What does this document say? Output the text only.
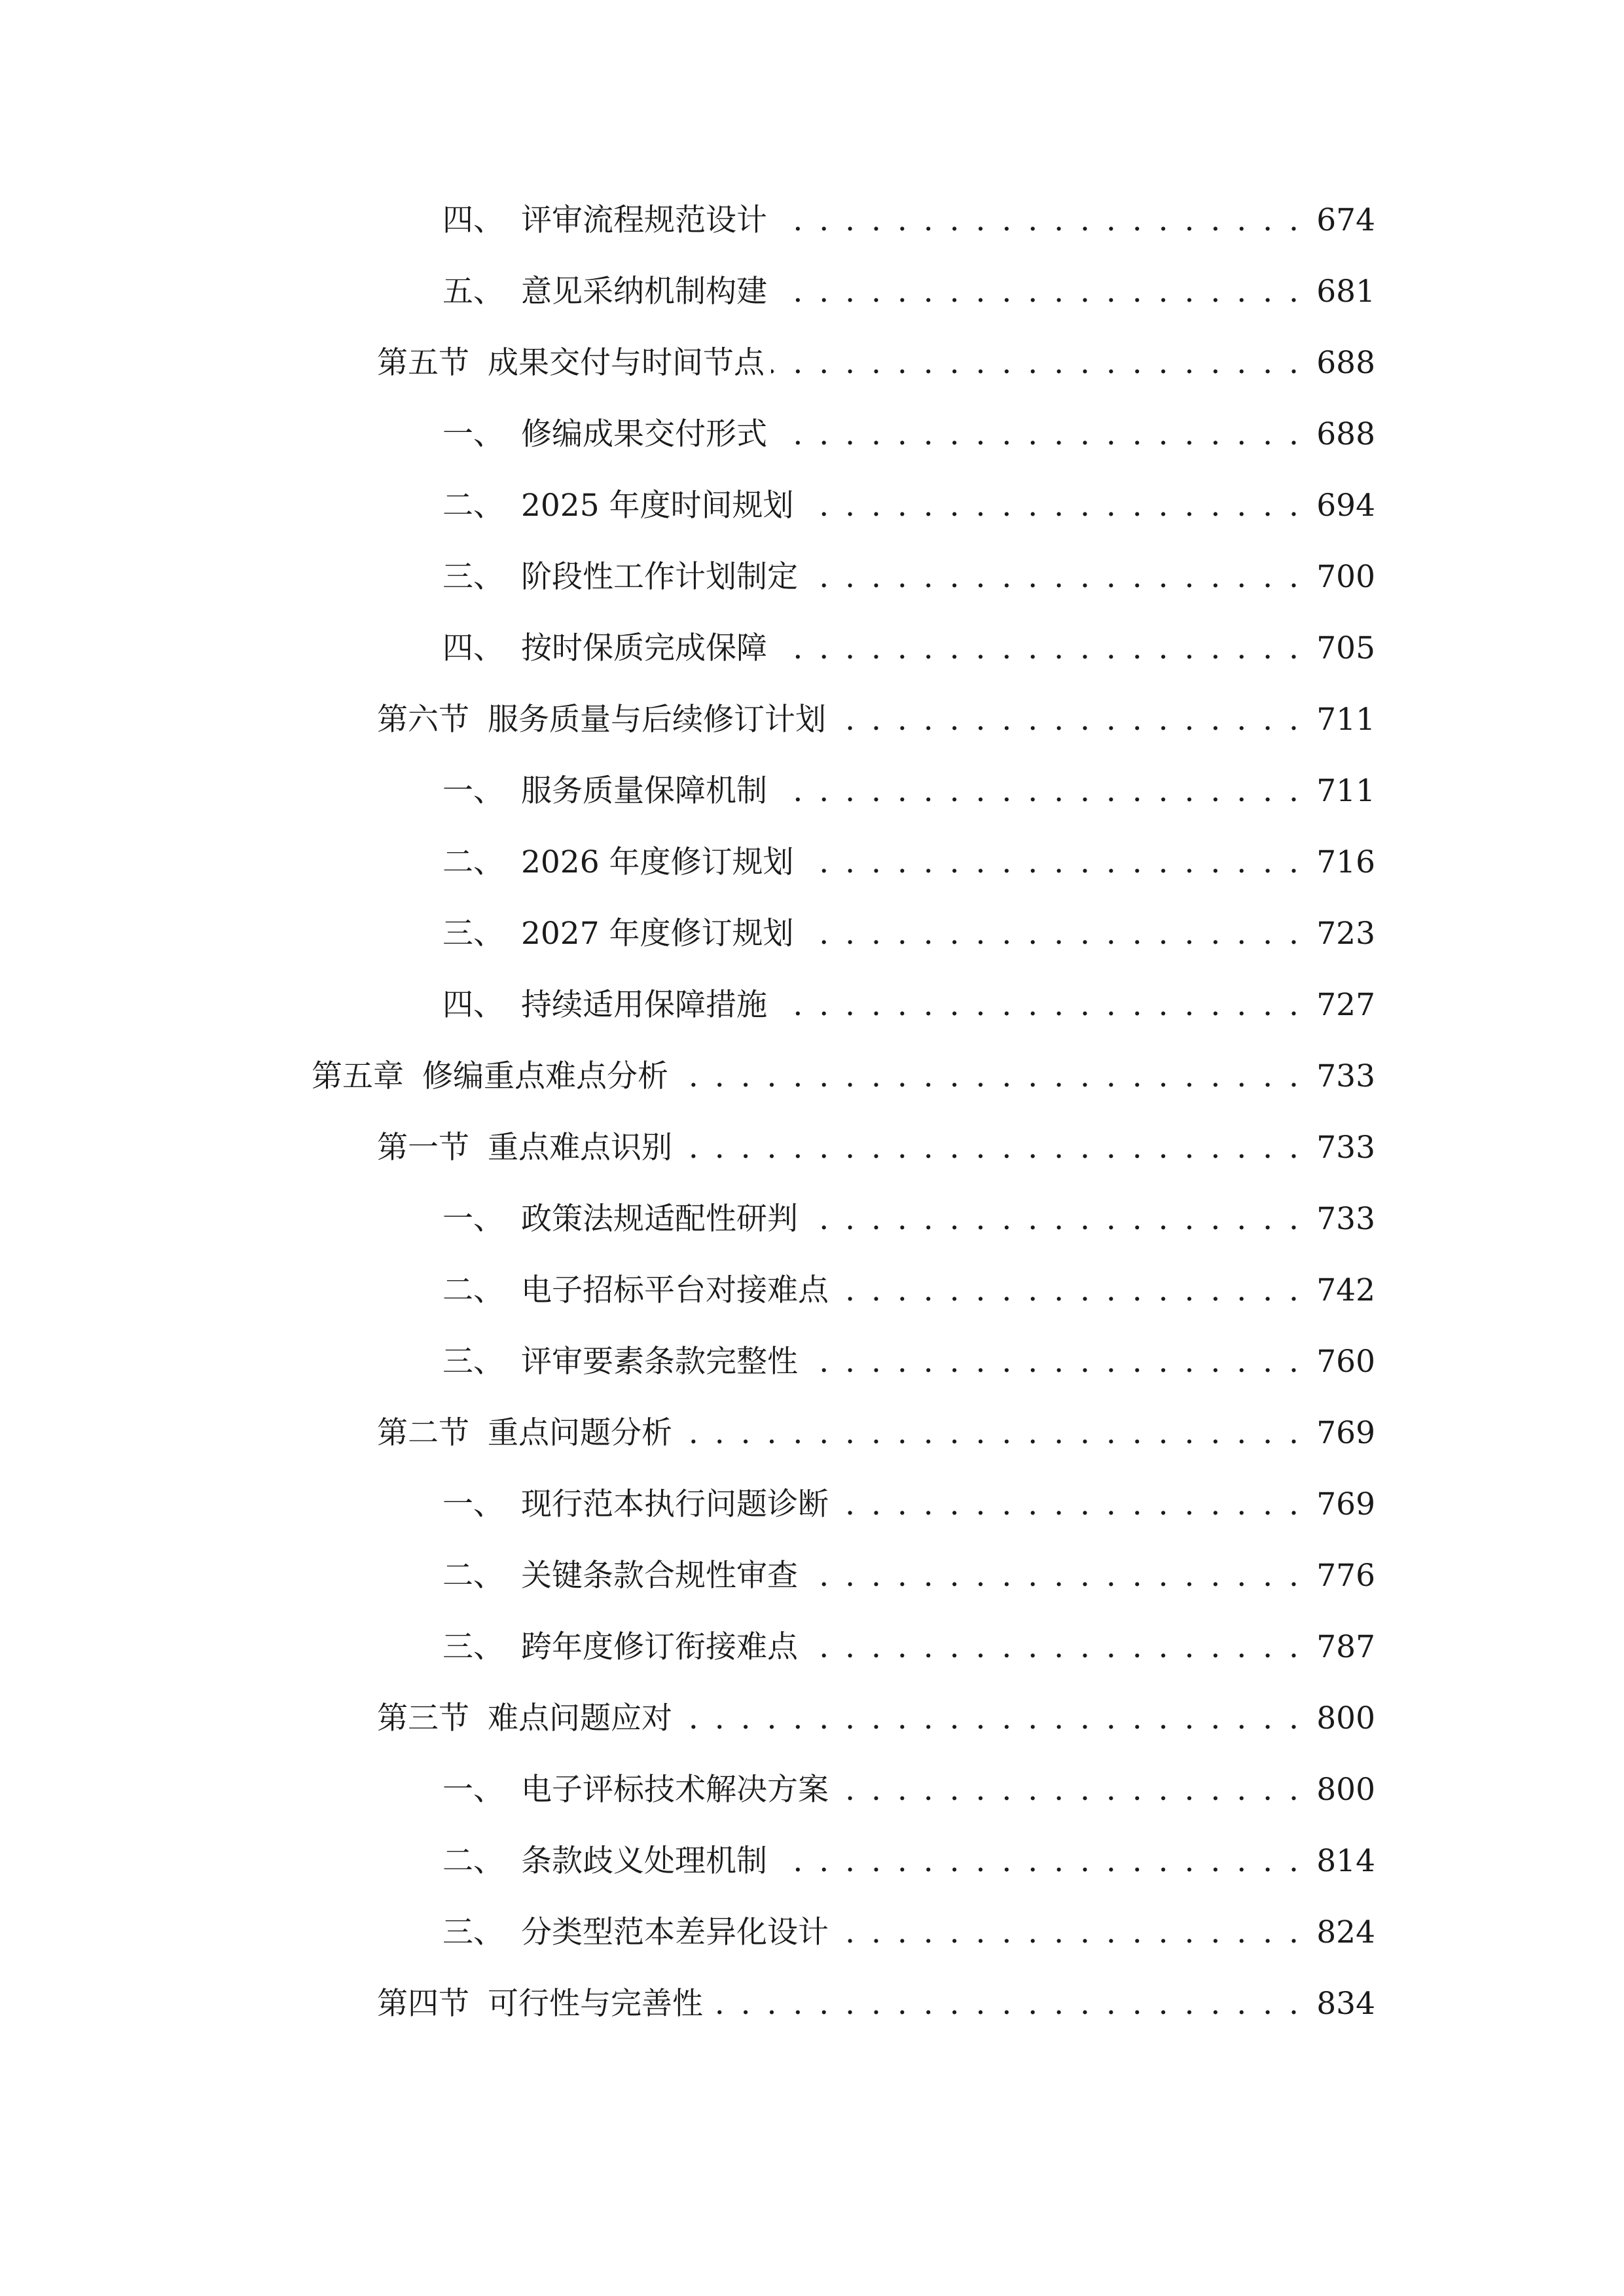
四、 评审流程规范设计 . . .	674
五、 意见采纳机制构建 . . .	681
第五节 成果交付与时间节点 . . .	688
一、 修编成果交付形式 . . .	688
二、 2025 年度时间规划 . . .	694
三、 阶段性工作计划制定 . . .	700
四、 按时保质完成保障 . . .	705
第六节 服务质量与后续修订计划 . . .	711
一、 服务质量保障机制 . . .	711
二、 2026 年度修订规划 . . .	716
三、 2027 年度修订规划 . . .	723
四、 持续适用保障措施 . . .	727
第五章 修编重点难点分析 . . .	733
第一节 重点难点识别 . . .	733
一、 政策法规适配性研判 . . .	733
二、 电子招标平台对接难点 . . .	742
三、 评审要素条款完整性 . . .	760
第二节 重点问题分析 . . .	769
一、 现行范本执行问题诊断 . . .	769
二、 关键条款合规性审查 . . .	776
三、 跨年度修订衔接难点 . . .	787
第三节 难点问题应对 . . .	800
一、 电子评标技术解决方案 . . .	800
二、 条款歧义处理机制 . . .	814
三、 分类型范本差异化设计 . . .	824
第四节 可行性与完善性 . . .	834
